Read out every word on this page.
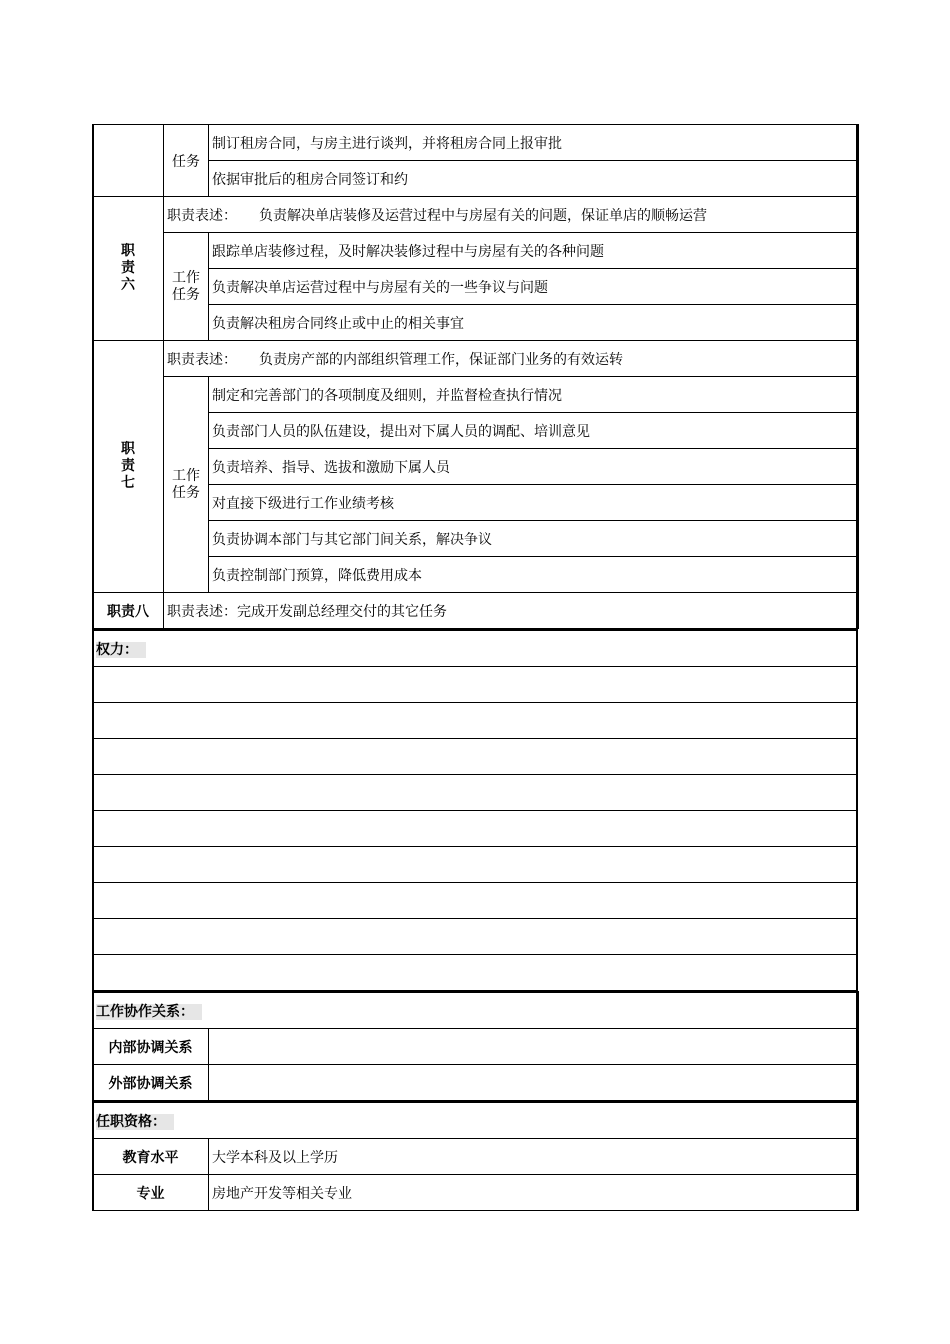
	任务	制订租房合同，与房主进行谈判，并将租房合同上报审批
		依据审批后的租房合同签订和约

职
责
六	职责表述： 负责解决单店装修及运营过程中与房屋有关的问题，保证单店的顺畅运营	

	工作
任务	跟踪单店装修过程，及时解决装修过程中与房屋有关的各种问题
		负责解决单店运营过程中与房屋有关的一些争议与问题
		负责解决租房合同终止或中止的相关事宜

职
责
七	职责表述： 负责房产部的内部组织管理工作，保证部门业务的有效运转	

	工作
任务	制定和完善部门的各项制度及细则，并监督检查执行情况
		负责部门人员的队伍建设，提出对下属人员的调配、培训意见
		负责培养、指导、选拔和激励下属人员
		对直接下级进行工作业绩考核
		负责协调本部门与其它部门间关系，解决争议
		负责控制部门预算，降低费用成本
职责八	职责表述：完成开发副总经理交付的其它任务	
权力：

工作协作关系：	
内部协调关系	
外部协调关系	
任职资格：	
教育水平	大学本科及以上学历
专业	房地产开发等相关专业
